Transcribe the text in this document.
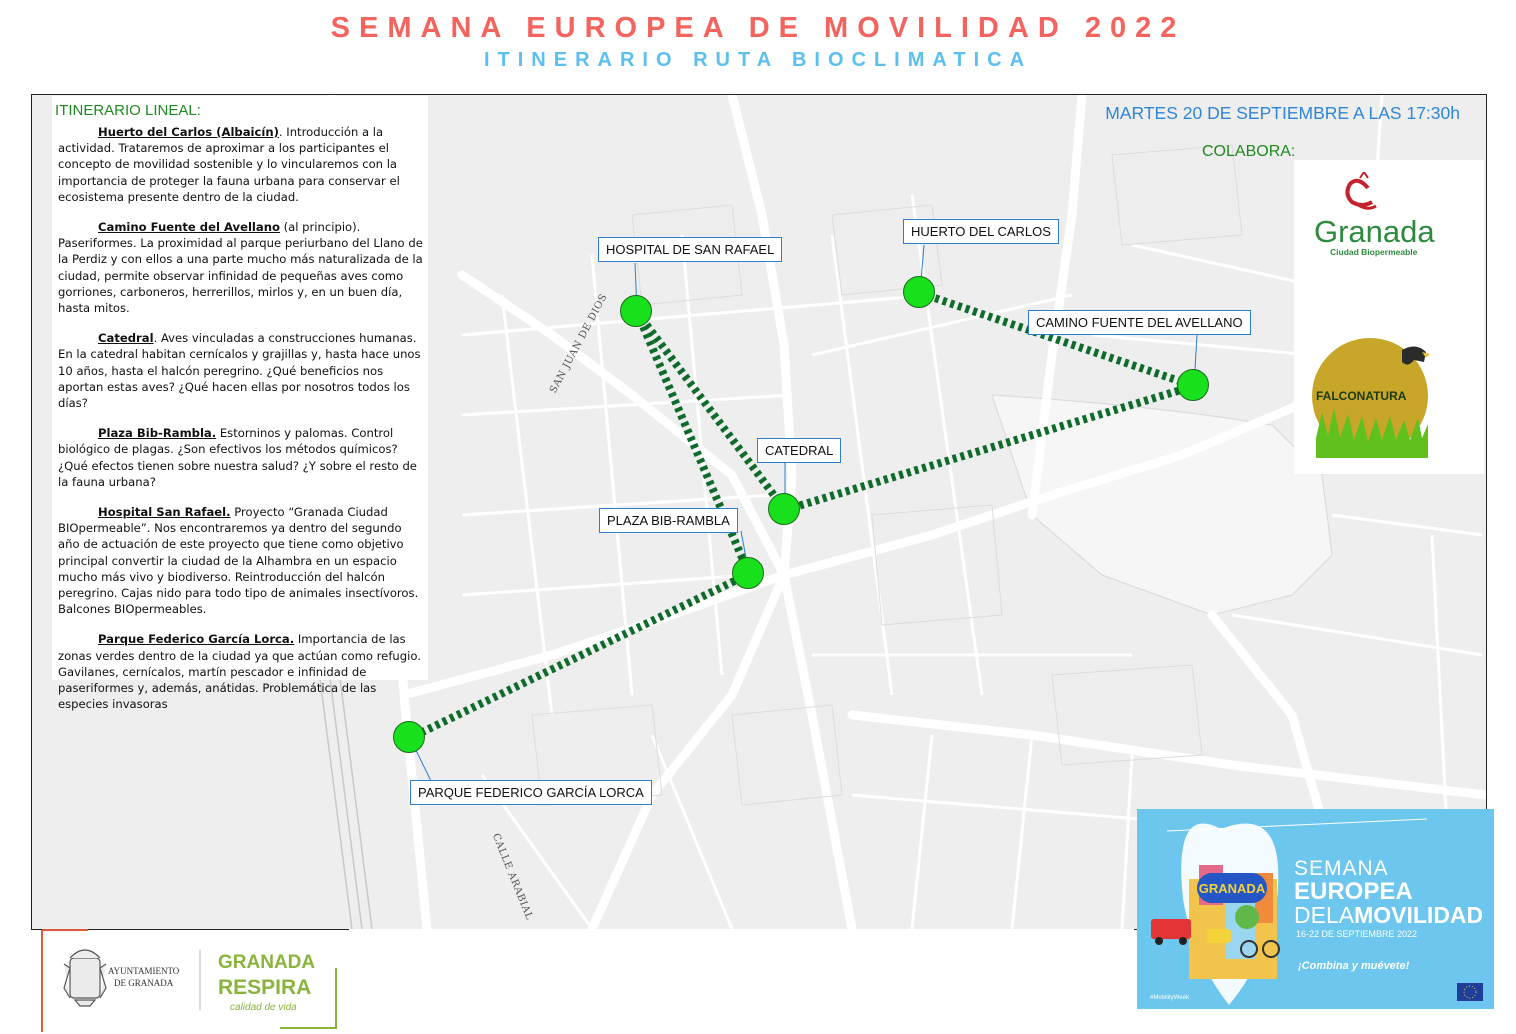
SEMANA EUROPEA DE MOVILIDAD 2022
ITINERARIO RUTA BIOCLIMATICA
ITINERARIO LINEAL:

Huerto del Carlos (Albaicín). Introducción a la actividad. Trataremos de aproximar a los participantes el concepto de movilidad sostenible y lo vincularemos con la importancia de proteger la fauna urbana para conservar el ecosistema presente dentro de la ciudad.

Camino Fuente del Avellano (al principio). Paseriformes. La proximidad al parque periurbano del Llano de la Perdiz y con ellos a una parte mucho más naturalizada de la ciudad, permite observar infinidad de pequeñas aves como gorriones, carboneros, herrerillos, mirlos y, en un buen día, hasta mitos.

Catedral. Aves vinculadas a construcciones humanas. En la catedral habitan cernícalos y grajillas y, hasta hace unos 10 años, hasta el halcón peregrino. ¿Qué beneficios nos aportan estas aves? ¿Qué hacen ellas por nosotros todos los días?

Plaza Bib-Rambla. Estorninos y palomas. Control biológico de plagas. ¿Son efectivos los métodos químicos? ¿Qué efectos tienen sobre nuestra salud? ¿Y sobre el resto de la fauna urbana?

Hospital San Rafael. Proyecto “Granada Ciudad BIOpermeable”. Nos encontraremos ya dentro del segundo año de actuación de este proyecto que tiene como objetivo principal convertir la ciudad de la Alhambra en un espacio mucho más vivo y biodiverso. Reintroducción del halcón peregrino. Cajas nido para todo tipo de animales insectívoros. Balcones BIOpermeables.

Parque Federico García Lorca. Importancia de las zonas verdes dentro de la ciudad ya que actúan como refugio. Gavilanes, cernícalos, martín pescador e infinidad de paseriformes y, además, anátidas. Problemática de las especies invasoras

MARTES 20 DE SEPTIEMBRE A LAS 17:30h
COLABORA:
Granada
Ciudad Biopermeable
FALCONATURA
HOSPITAL DE SAN RAFAEL
HUERTO DEL CARLOS
CAMINO FUENTE DEL AVELLANO
CATEDRAL
PLAZA BIB-RAMBLA
PARQUE FEDERICO GARCÍA LORCA
SAN JUAN DE DIOS
CALLE ARABIAL
AYUNTAMIENTO
DE GRANADA
GRANADA
RESPIRA
calidad de vida
GRANADA
SEMANA
EUROPEA
DELAMOVILIDAD
16-22 DE SEPTIEMBRE 2022
¡Combina y muévete!
#MobilityWeek
